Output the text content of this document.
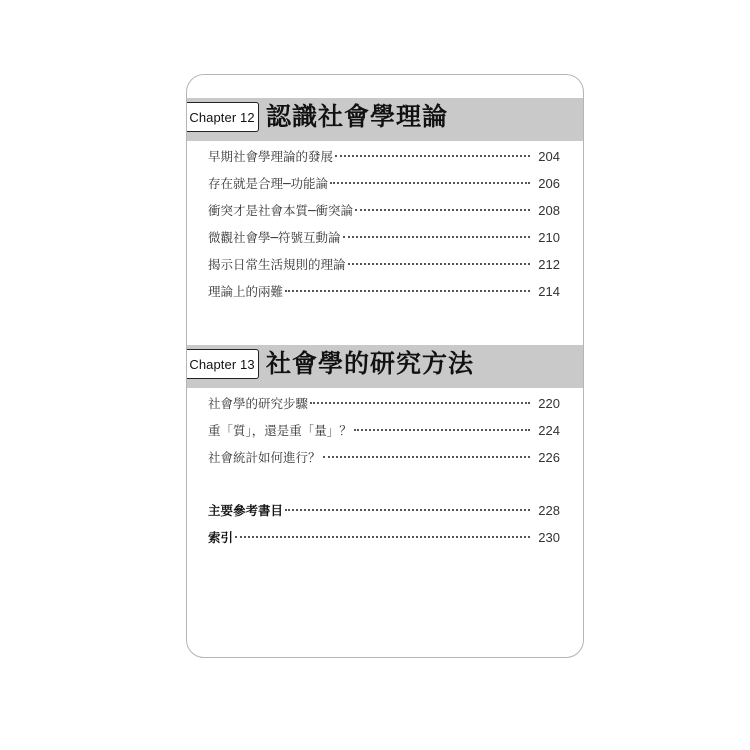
Chapter 12 認識社會學理論
早期社會學理論的發展	204
存在就是合理─功能論	206
衝突才是社會本質─衝突論	208
微觀社會學─符號互動論	210
揭示日常生活規則的理論	212
理論上的兩難	214
Chapter 13 社會學的研究方法
社會學的研究步驟	220
重「質」，還是重「量」？	224
社會統計如何進行？	226
主要參考書目	228
索引	230
